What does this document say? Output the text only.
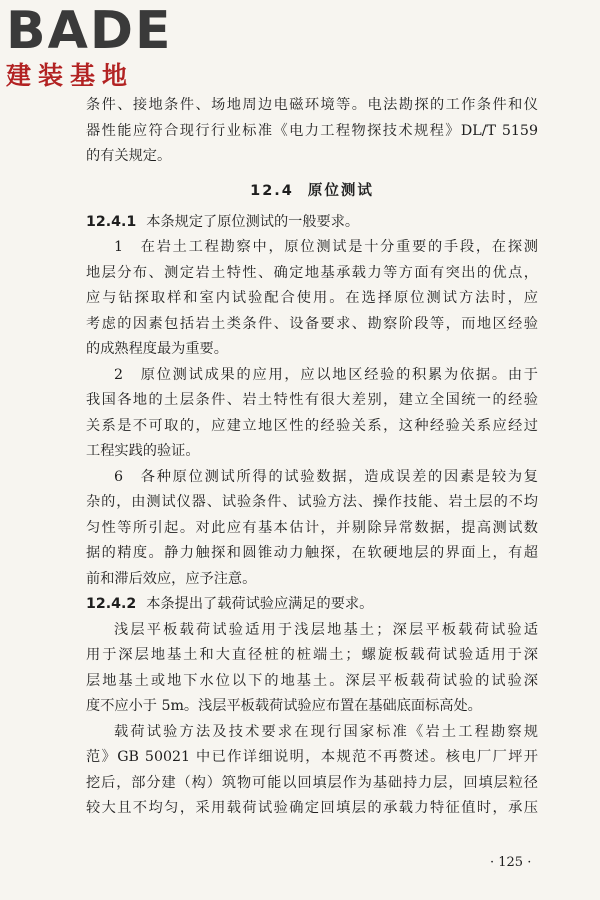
BADE
建装基地
条件、接地条件、场地周边电磁环境等。电法勘探的工作条件和仪
器性能应符合现行行业标准《电力工程物探技术规程》DL/T 5159
的有关规定。
12.4 原位测试
12.4.1 本条规定了原位测试的一般要求。
1　在岩土工程勘察中，原位测试是十分重要的手段，在探测
地层分布、测定岩土特性、确定地基承载力等方面有突出的优点，
应与钻探取样和室内试验配合使用。在选择原位测试方法时，应
考虑的因素包括岩土类条件、设备要求、勘察阶段等，而地区经验
的成熟程度最为重要。
2　原位测试成果的应用，应以地区经验的积累为依据。由于
我国各地的土层条件、岩土特性有很大差别，建立全国统一的经验
关系是不可取的，应建立地区性的经验关系，这种经验关系应经过
工程实践的验证。
6　各种原位测试所得的试验数据，造成误差的因素是较为复
杂的，由测试仪器、试验条件、试验方法、操作技能、岩土层的不均
匀性等所引起。对此应有基本估计，并剔除异常数据，提高测试数
据的精度。静力触探和圆锥动力触探，在软硬地层的界面上，有超
前和滞后效应，应予注意。
12.4.2 本条提出了载荷试验应满足的要求。
浅层平板载荷试验适用于浅层地基土；深层平板载荷试验适
用于深层地基土和大直径桩的桩端土；螺旋板载荷试验适用于深
层地基土或地下水位以下的地基土。深层平板载荷试验的试验深
度不应小于 5m。浅层平板载荷试验应布置在基础底面标高处。
载荷试验方法及技术要求在现行国家标准《岩土工程勘察规
范》GB 50021 中已作详细说明，本规范不再赘述。核电厂厂坪开
挖后，部分建（构）筑物可能以回填层作为基础持力层，回填层粒径
较大且不均匀，采用载荷试验确定回填层的承载力特征值时，承压
· 125 ·
